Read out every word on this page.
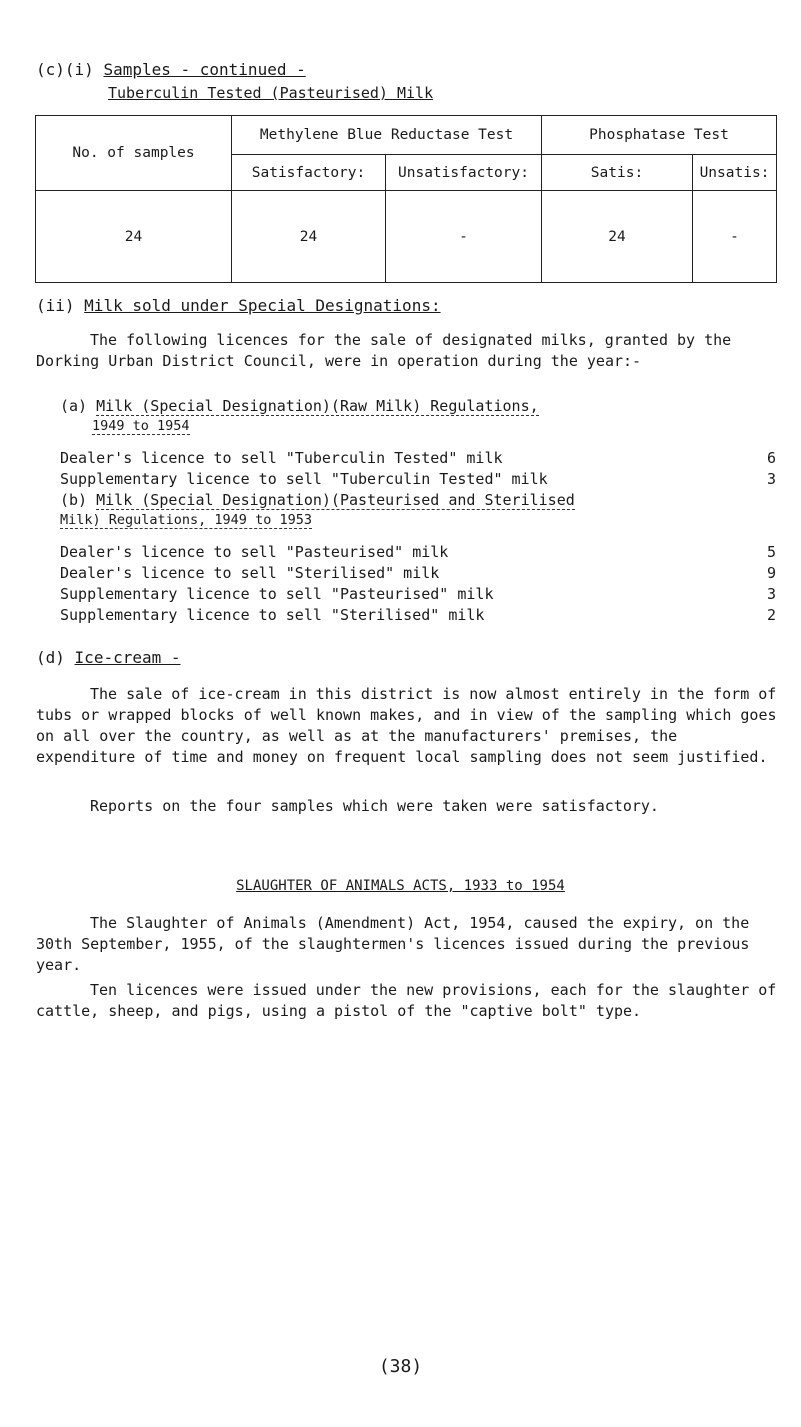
(c)(i) Samples - continued -
Tuberculin Tested (Pasteurised) Milk
No. of samples	Methylene Blue Reductase Test		Phosphatase Test	
	Satisfactory:	Unsatisfactory:	Satis:	Unsatis:
24	24	-	24	-
(ii) Milk sold under Special Designations:
The following licences for the sale of designated milks, granted by the Dorking Urban District Council, were in operation during the year:-
(a) Milk (Special Designation)(Raw Milk) Regulations,
1949 to 1954
Dealer's licence to sell "Tuberculin Tested" milk	6
Supplementary licence to sell "Tuberculin Tested" milk	3
(b) Milk (Special Designation)(Pasteurised and Sterilised
Milk) Regulations, 1949 to 1953
Dealer's licence to sell "Pasteurised" milk	5
Dealer's licence to sell "Sterilised" milk	9
Supplementary licence to sell "Pasteurised" milk	3
Supplementary licence to sell "Sterilised" milk	2
(d) Ice-cream -
The sale of ice-cream in this district is now almost entirely in the form of tubs or wrapped blocks of well known makes, and in view of the sampling which goes on all over the country, as well as at the manufacturers' premises, the expenditure of time and money on frequent local sampling does not seem justified.
Reports on the four samples which were taken were satisfactory.
SLAUGHTER OF ANIMALS ACTS, 1933 to 1954
The Slaughter of Animals (Amendment) Act, 1954, caused the expiry, on the 30th September, 1955, of the slaughtermen's licences issued during the previous year.
Ten licences were issued under the new provisions, each for the slaughter of cattle, sheep, and pigs, using a pistol of the "captive bolt" type.
(38)
